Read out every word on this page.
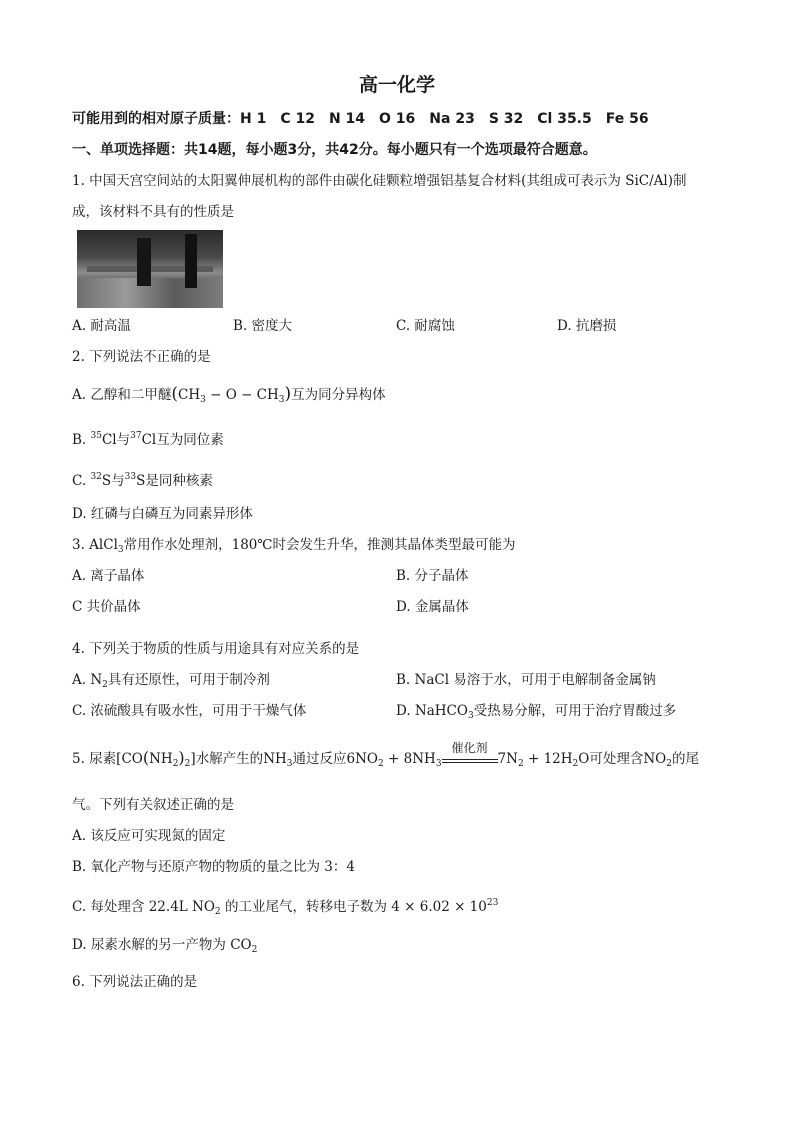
高一化学
可能用到的相对原子质量：H 1　C 12　N 14　O 16　Na 23　S 32　Cl 35.5　Fe 56
一、单项选择题：共14题，每小题3分，共42分。每小题只有一个选项最符合题意。
1. 中国天宫空间站的太阳翼伸展机构的部件由碳化硅颗粒增强铝基复合材料(其组成可表示为 SiC/Al)制
成，该材料不具有的性质是
A. 耐高温	B. 密度大	C. 耐腐蚀	D. 抗磨损
2. 下列说法不正确的是
A. 乙醇和二甲醚$(CH_3 - O - CH_3)$互为同分异构体
B. $^{35}$Cl与$^{37}$Cl互为同位素
C. $^{32}$S与$^{33}$S是同种核素
D. 红磷与白磷互为同素异形体
3. AlCl$_3$常用作水处理剂，180℃时会发生升华，推测其晶体类型最可能为
A. 离子晶体	B. 分子晶体
C 共价晶体	D. 金属晶体
4. 下列关于物质的性质与用途具有对应关系的是
A. $N_2$具有还原性，可用于制冷剂	B. NaCl 易溶于水，可用于电解制备金属钠
C. 浓硫酸具有吸水性，可用于干燥气体	D. NaHCO$_3$受热易分解，可用于治疗胃酸过多
5. 尿素$[CO(NH_2)_2]$水解产生的$NH_3$通过反应$6NO_2 + 8NH_3$
催化剂
$7N_2 + 12H_2O$可处理含$NO_2$的尾
气。下列有关叙述正确的是
A. 该反应可实现氮的固定
B. 氧化产物与还原产物的物质的量之比为 3：4
C. 每处理含 22.4L $NO_2$ 的工业尾气，转移电子数为 $4 \times 6.02 \times 10^{23}$
D. 尿素水解的另一产物为 $CO_2$
6. 下列说法正确的是
